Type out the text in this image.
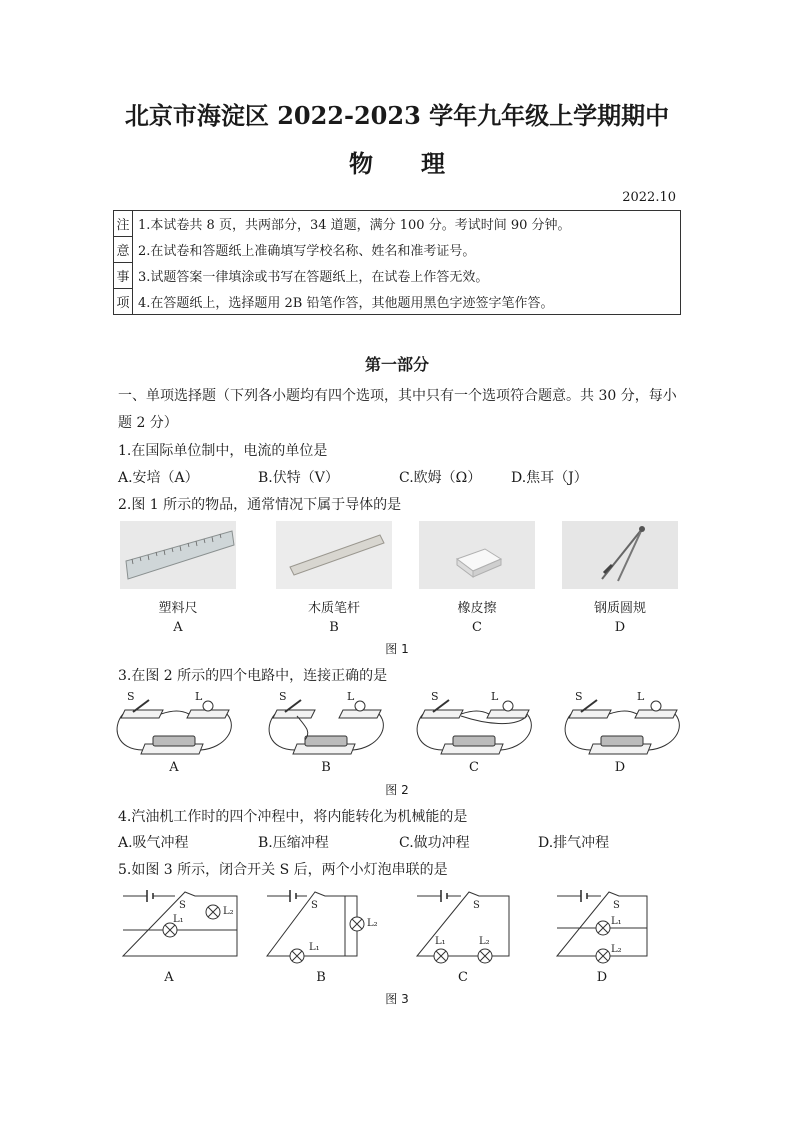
北京市海淀区 2022-2023 学年九年级上学期期中
物　　理
2022.10
注	1.本试卷共 8 页，共两部分，34 道题，满分 100 分。考试时间 90 分钟。
意	2.在试卷和答题纸上准确填写学校名称、姓名和准考证号。
事	3.试题答案一律填涂或书写在答题纸上，在试卷上作答无效。
项	4.在答题纸上，选择题用 2B 铅笔作答，其他题用黑色字迹签字笔作答。
第一部分
一、单项选择题（下列各小题均有四个选项，其中只有一个选项符合题意。共 30 分，每小
题 2 分）
1.在国际单位制中，电流的单位是
A.安培（A）	B.伏特（V）	C.欧姆（Ω） D.焦耳（J）
2.图 1 所示的物品，通常情况下属于导体的是
塑料尺	木质笔杆	橡皮擦	钢质圆规
A	B	C	D
图 1
3.在图 2 所示的四个电路中，连接正确的是
S	L	S	L	S	L	S	L
A	B	C	D
图 2
4.汽油机工作时的四个冲程中，将内能转化为机械能的是
A.吸气冲程	B.压缩冲程	C.做功冲程	D.排气冲程
5.如图 3 所示，闭合开关 S 后，两个小灯泡串联的是
S
L₁
L₂
S
L₁
L₂
S
L₁	L₂
S
L₁
L₂
A	B	C	D
图 3
